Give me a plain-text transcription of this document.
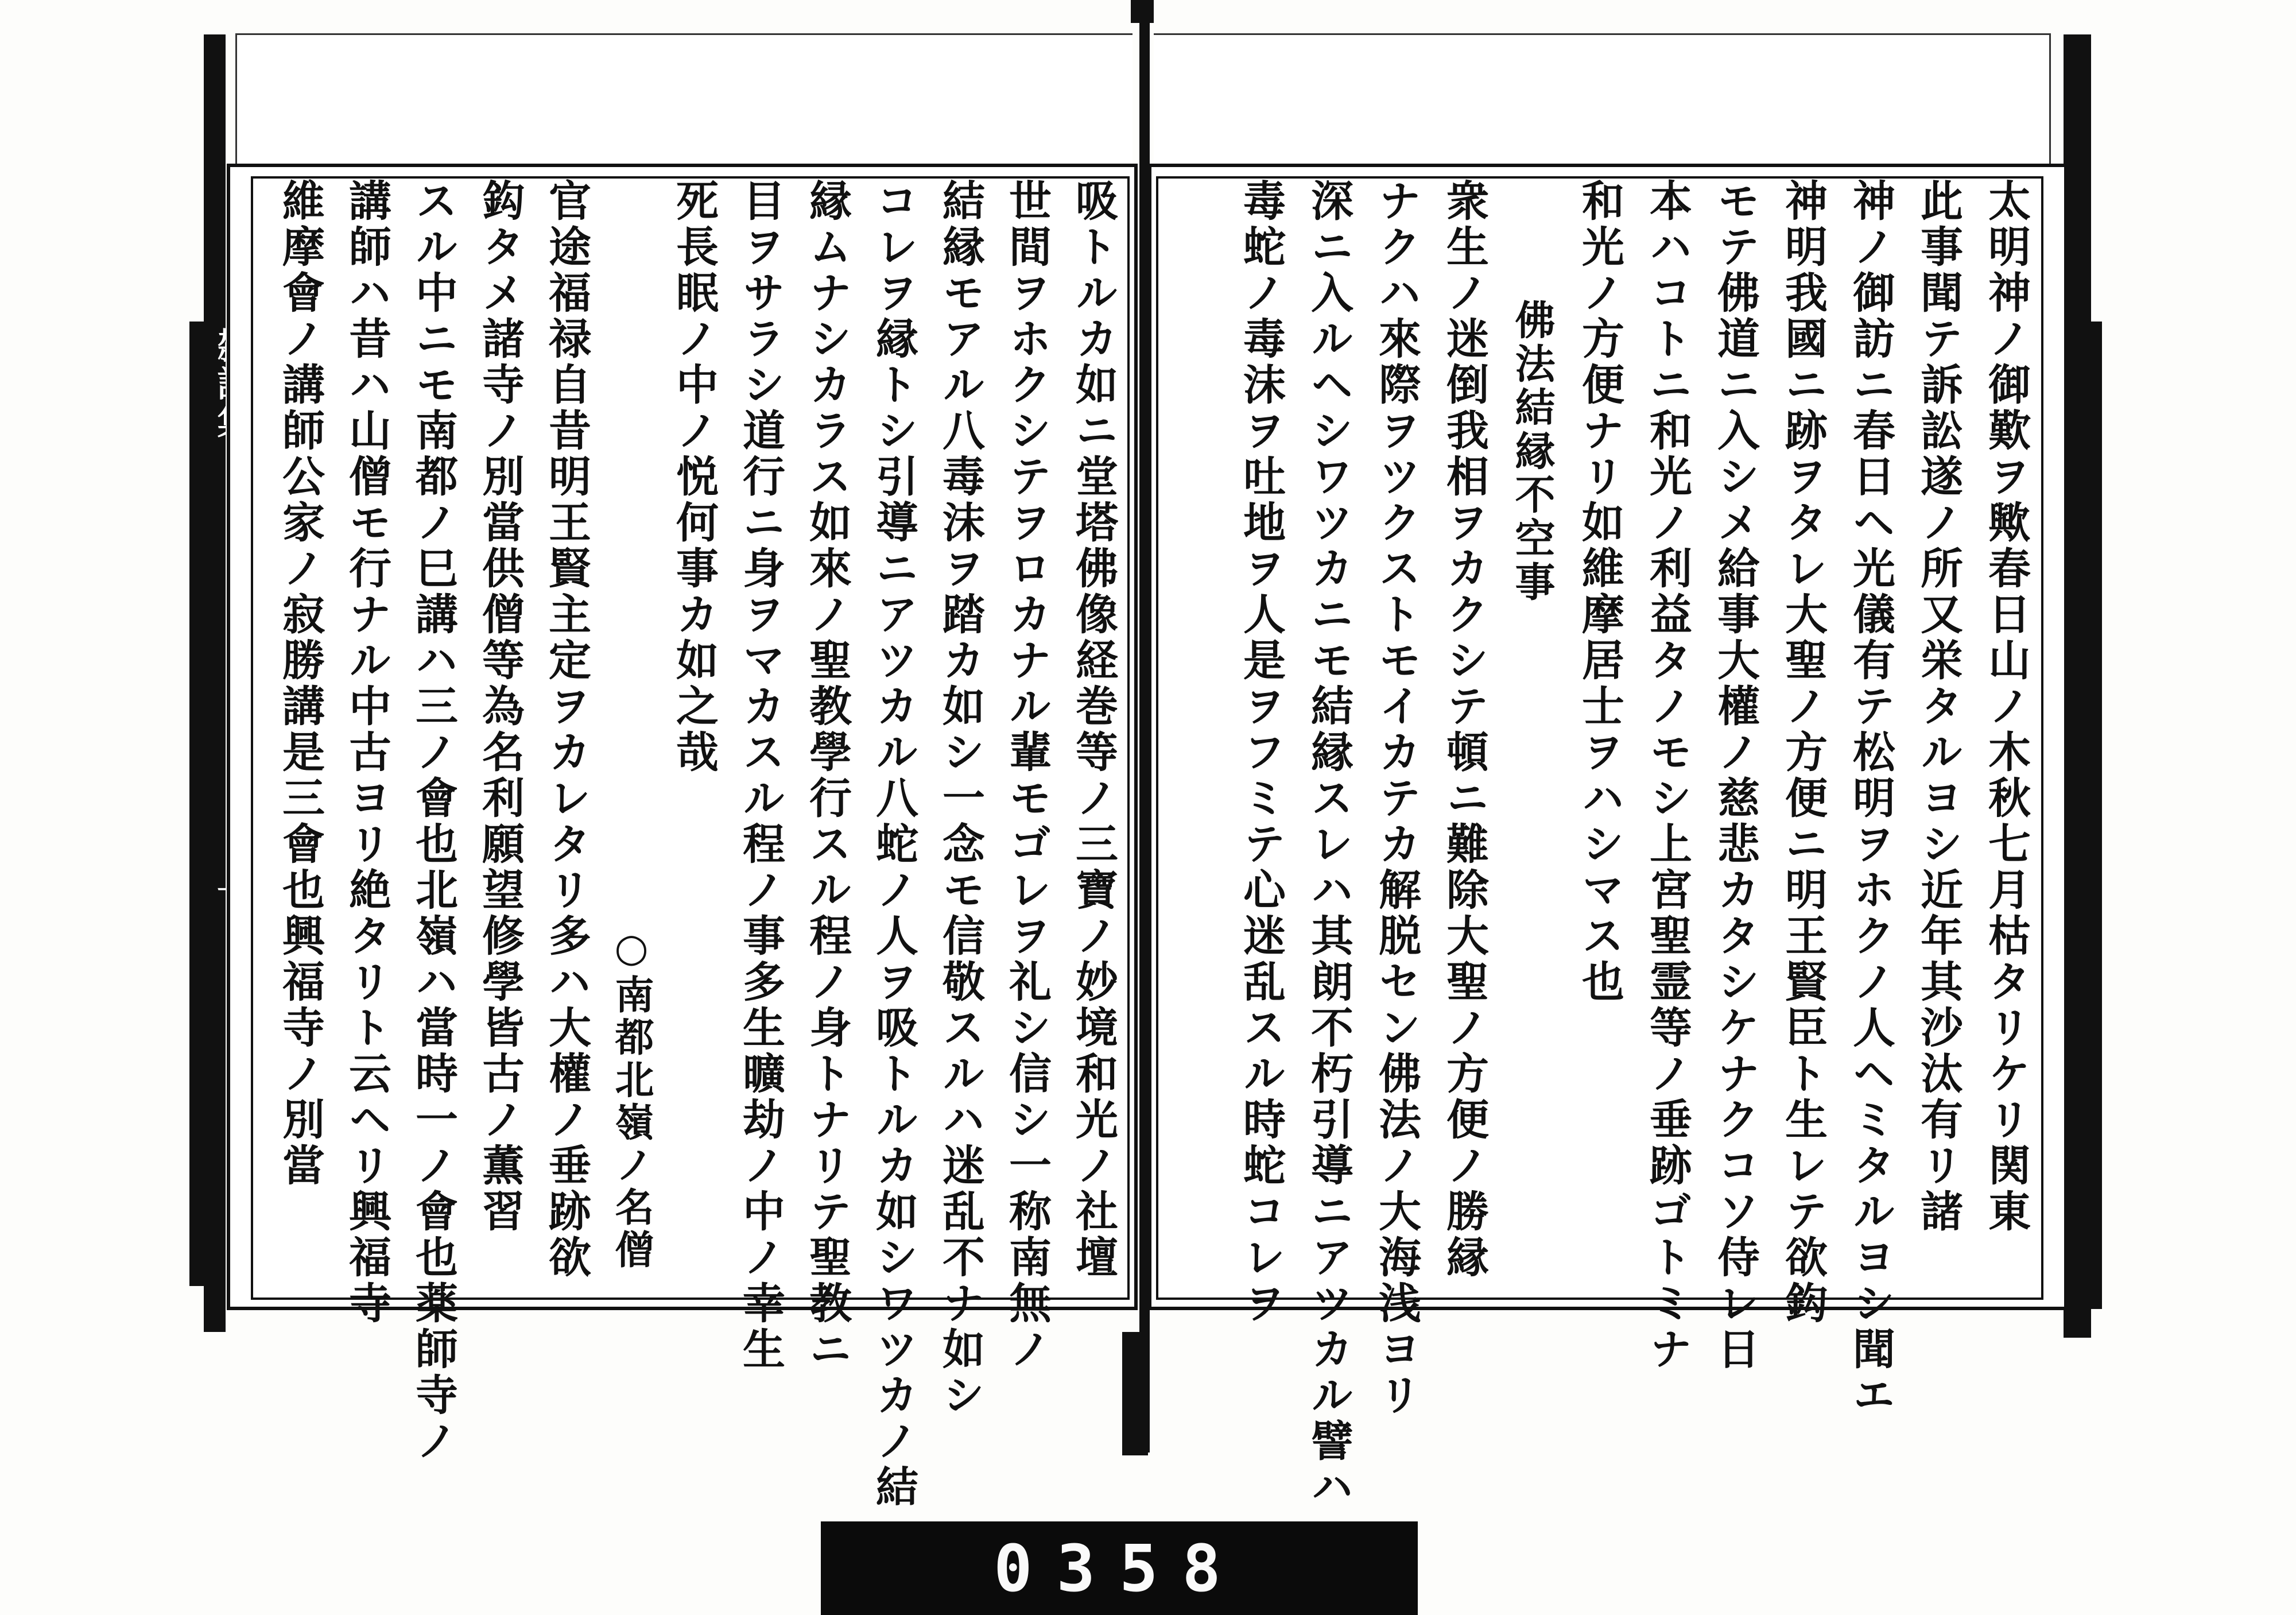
吸トルカ如ニ堂塔佛像経巻等ノ三寶ノ妙境和光ノ社壇
世間ヲホクシテヲロカナル輩モゴレヲ礼シ信シ一称南無ノ
結縁モアル八毒沫ヲ踏カ如シ一念モ信敬スルハ迷乱不ナ如シ
コレヲ縁トシ引導ニアツカル八蛇ノ人ヲ吸トルカ如シワツカノ結
縁ムナシカラス如來ノ聖教學行スル程ノ身トナリテ聖教ニ
目ヲサラシ道行ニ身ヲマカスル程ノ事多生曠劫ノ中ノ幸生
死長眠ノ中ノ悦何事カ如之哉
○南都北嶺ノ名僧
官途福禄自昔明王賢主定ヲカレタリ多ハ大權ノ垂跡欲
鈎タメ諸寺ノ別當供僧等為名利願望修學皆古ノ薫習
スル中ニモ南都ノ巳講ハ三ノ會也北嶺ハ當時一ノ會也薬師寺ノ
講師ハ昔ハ山僧モ行ナル中古ヨリ絶タリト云ヘリ興福寺
維摩會ノ講師公家ノ寂勝講是三會也興福寺ノ別當	太明神ノ御歎ヲ歟春日山ノ木秋七月枯タリケリ関東
此事聞テ訴訟遂ノ所又栄タルヨシ近年其沙汰有リ諸
神ノ御訪ニ春日ヘ光儀有テ松明ヲホクノ人ヘミタルヨシ聞エ
神明我國ニ跡ヲタレ大聖ノ方便ニ明王賢臣ト生レテ欲鈎
モテ佛道ニ入シメ給事大權ノ慈悲カタシケナクコソ侍レ日
本ハコトニ和光ノ利益タノモシ上宮聖霊等ノ垂跡ゴトミナ
和光ノ方便ナリ如維摩居士ヲハシマス也
佛法結縁不空事
衆生ノ迷倒我相ヲカクシテ頓ニ難除大聖ノ方便ノ勝縁
ナクハ來際ヲツクストモイカテカ解脱セン佛法ノ大海浅ヨリ
深ニ入ルヘシワツカニモ結縁スレハ其朗不朽引導ニアツカル譬ハ
毒蛇ノ毒沫ヲ吐地ヲ人是ヲフミテ心迷乱スル時蛇コレヲ
0358
